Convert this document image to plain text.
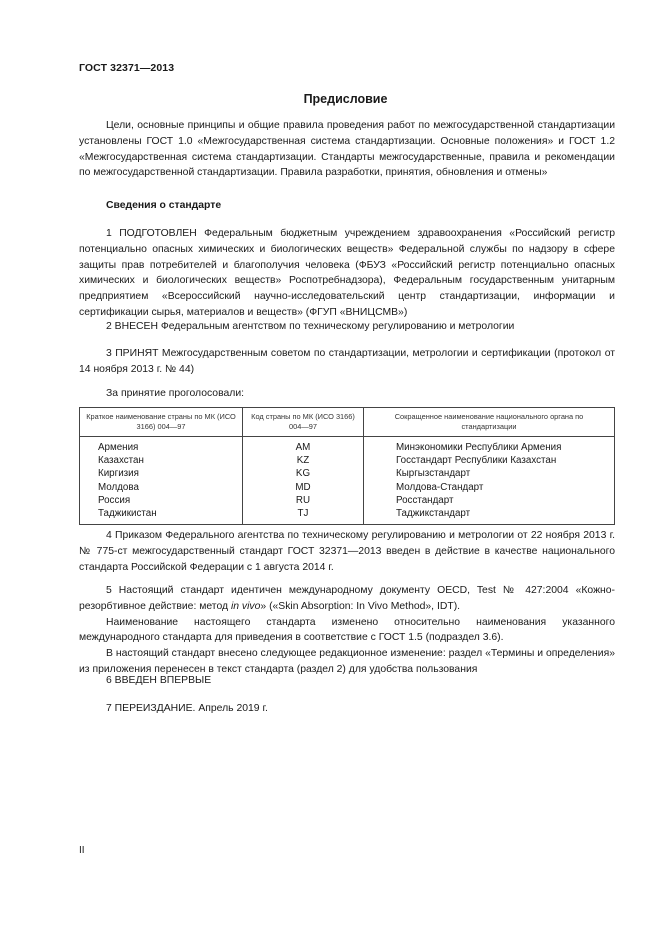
ГОСТ 32371—2013
Предисловие

Цели, основные принципы и общие правила проведения работ по межгосударственной стандартизации установлены ГОСТ 1.0 «Межгосударственная система стандартизации. Основные положения» и ГОСТ 1.2 «Межгосударственная система стандартизации. Стандарты межгосударственные, правила и рекомендации по межгосударственной стандартизации. Правила разработки, принятия, обновления и отмены»

Сведения о стандарте

1 ПОДГОТОВЛЕН Федеральным бюджетным учреждением здравоохранения «Российский регистр потенциально опасных химических и биологических веществ» Федеральной службы по надзору в сфере защиты прав потребителей и благополучия человека (ФБУЗ «Российский регистр потенциально опасных химических и биологических веществ» Роспотребнадзора), Федеральным государственным унитарным предприятием «Всероссийский научно-исследовательский центр стандартизации, информации и сертификации сырья, материалов и веществ» (ФГУП «ВНИЦСМВ»)

2 ВНЕСЕН Федеральным агентством по техническому регулированию и метрологии

3 ПРИНЯТ Межгосударственным советом по стандартизации, метрологии и сертификации (протокол от 14 ноября 2013 г. № 44)

За принятие проголосовали:

Краткое наименование страны по МК (ИСО 3166) 004—97	Код страны по МК (ИСО 3166) 004—97	Сокращенное наименование национального органа по стандартизации
Армения	AM	Минэкономики Республики Армения
Казахстан	KZ	Госстандарт Республики Казахстан
Киргизия	KG	Кыргызстандарт
Молдова	MD	Молдова-Стандарт
Россия	RU	Росстандарт
Таджикистан	TJ	Таджикстандарт

4 Приказом Федерального агентства по техническому регулированию и метрологии от 22 ноября 2013 г. № 775-ст межгосударственный стандарт ГОСТ 32371—2013 введен в действие в качестве национального стандарта Российской Федерации с 1 августа 2014 г.

5 Настоящий стандарт идентичен международному документу OECD, Test № 427:2004 «Кожно-резорбтивное действие: метод in vivo» («Skin Absorption: In Vivo Method», IDT).

Наименование настоящего стандарта изменено относительно наименования указанного международного стандарта для приведения в соответствие с ГОСТ 1.5 (подраздел 3.6).

В настоящий стандарт внесено следующее редакционное изменение: раздел «Термины и определения» из приложения перенесен в текст стандарта (раздел 2) для удобства пользования

6 ВВЕДЕН ВПЕРВЫЕ

7 ПЕРЕИЗДАНИЕ. Апрель 2019 г.

II
